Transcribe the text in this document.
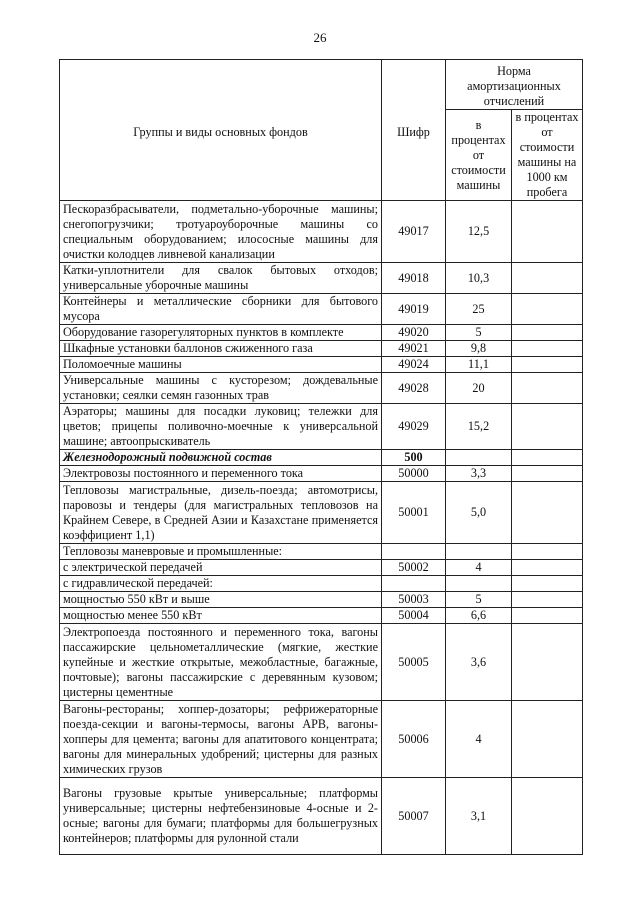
26
Группы и виды основных фондов	Шифр	Норма амортизационных отчислений	
		в процентах от стоимости машины	в процентах от стоимости машины на 1000 км пробега
Пескоразбрасыватели, подметально-уборочные машины; снегопогрузчики; тротуароуборочные машины со специальным оборудованием; илососные машины для очистки колодцев ливневой канализации	49017	12,5	
Катки-уплотнители для свалок бытовых отходов; универсальные уборочные машины	49018	10,3	
Контейнеры и металлические сборники для бытового мусора	49019	25	
Оборудование газорегуляторных пунктов в комплекте	49020	5	
Шкафные установки баллонов сжиженного газа	49021	9,8	
Поломоечные машины	49024	11,1	
Универсальные машины с кусторезом; дождевальные установки; сеялки семян газонных трав	49028	20	
Аэраторы; машины для посадки луковиц; тележки для цветов; прицепы поливочно-моечные к универсальной машине; автоопрыскиватель	49029	15,2	
Железнодорожный подвижной состав	500		
Электровозы постоянного и переменного тока	50000	3,3	
Тепловозы магистральные, дизель-поезда; автомотрисы, паровозы и тендеры (для магистральных тепловозов на Крайнем Севере, в Средней Азии и Казахстане применяется коэффициент 1,1)	50001	5,0	
Тепловозы маневровые и промышленные:			
с электрической передачей	50002	4	
с гидравлической передачей:			
мощностью 550 кВт и выше	50003	5	
мощностью менее 550 кВт	50004	6,6	
Электропоезда постоянного и переменного тока, вагоны пассажирские цельнометаллические (мягкие, жесткие купейные и жесткие открытые, межобластные, багажные, почтовые); вагоны пассажирские с деревянным кузовом; цистерны цементные	50005	3,6	
Вагоны-рестораны; хоппер-дозаторы; рефрижераторные поезда-секции и вагоны-термосы, вагоны АРВ, вагоны-хопперы для цемента; вагоны для апатитового концентрата; вагоны для минеральных удобрений; цистерны для разных химических грузов	50006	4	
Вагоны грузовые крытые универсальные; платформы универсальные; цистерны нефтебензиновые 4-осные и 2-осные; вагоны для бумаги; платформы для большегрузных контейнеров; платформы для рулонной стали	50007	3,1	
